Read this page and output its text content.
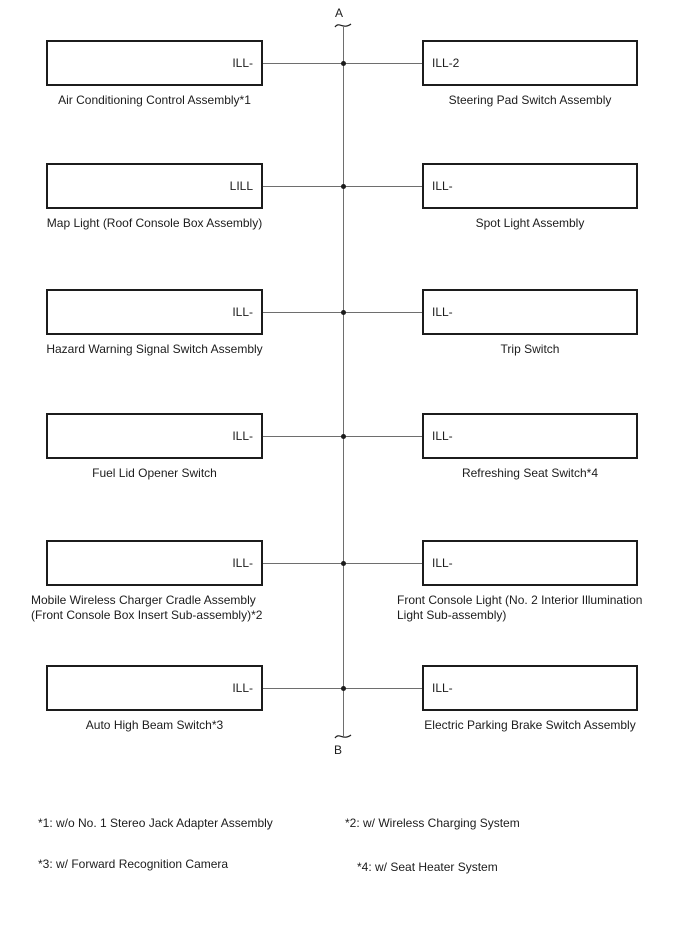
A
B
ILL-
Air Conditioning Control Assembly*1
ILL-2
Steering Pad Switch Assembly
LILL
Map Light (Roof Console Box Assembly)
ILL-
Spot Light Assembly
ILL-
Hazard Warning Signal Switch Assembly
ILL-
Trip Switch
ILL-
Fuel Lid Opener Switch
ILL-
Refreshing Seat Switch*4
ILL-
Mobile Wireless Charger Cradle Assembly
(Front Console Box Insert Sub-assembly)*2
ILL-
Front Console Light (No. 2 Interior Illumination
Light Sub-assembly)
ILL-
Auto High Beam Switch*3
ILL-
Electric Parking Brake Switch Assembly
*1: w/o No. 1 Stereo Jack Adapter Assembly	*2: w/ Wireless Charging System
*3: w/ Forward Recognition Camera	*4: w/ Seat Heater System
